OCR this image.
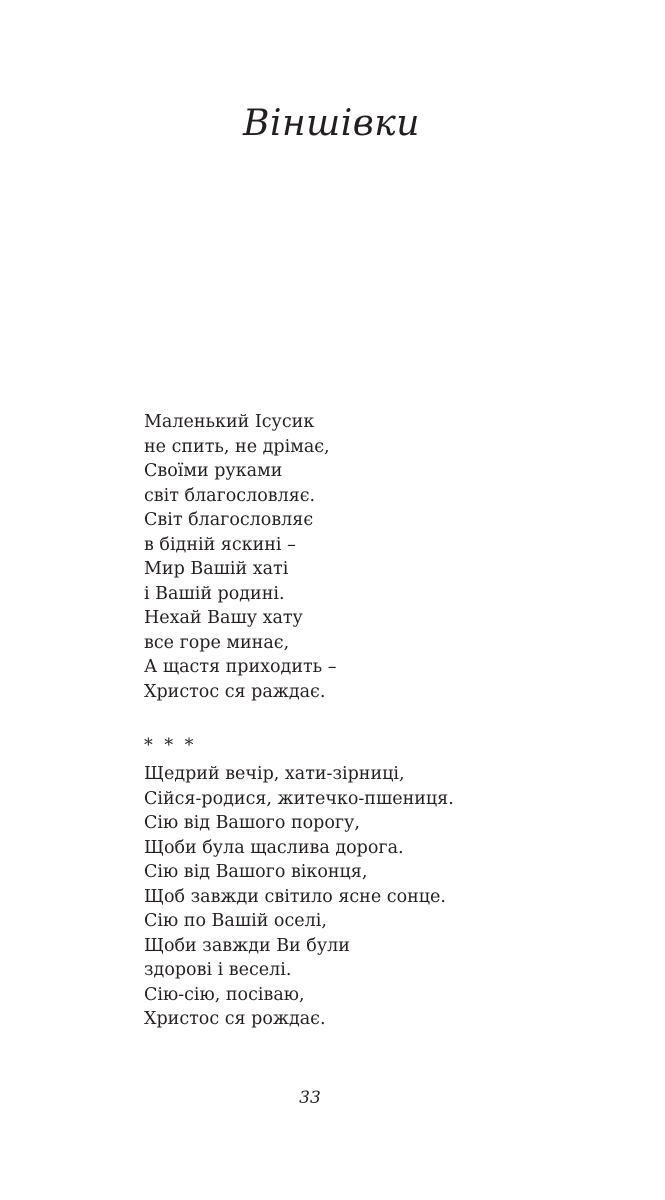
Віншівки
Маленький Ісусик
не спить, не дрімає,
Своїми руками
світ благословляє.
Світ благословляє
в бідній яскині –
Мир Вашій хаті
і Вашій родині.
Нехай Вашу хату
все горе минає,
А щастя приходить –
Христос ся раждає.
* * *
Щедрий вечір, хати-зірниці,
Сійся-родися, житечко-пшениця.
Сію від Вашого порогу,
Щоби була щаслива дорога.
Сію від Вашого віконця,
Щоб завжди світило ясне сонце.
Сію по Вашій оселі,
Щоби завжди Ви були
здорові і веселі.
Сію-сію, посіваю,
Христос ся рождає.
33
